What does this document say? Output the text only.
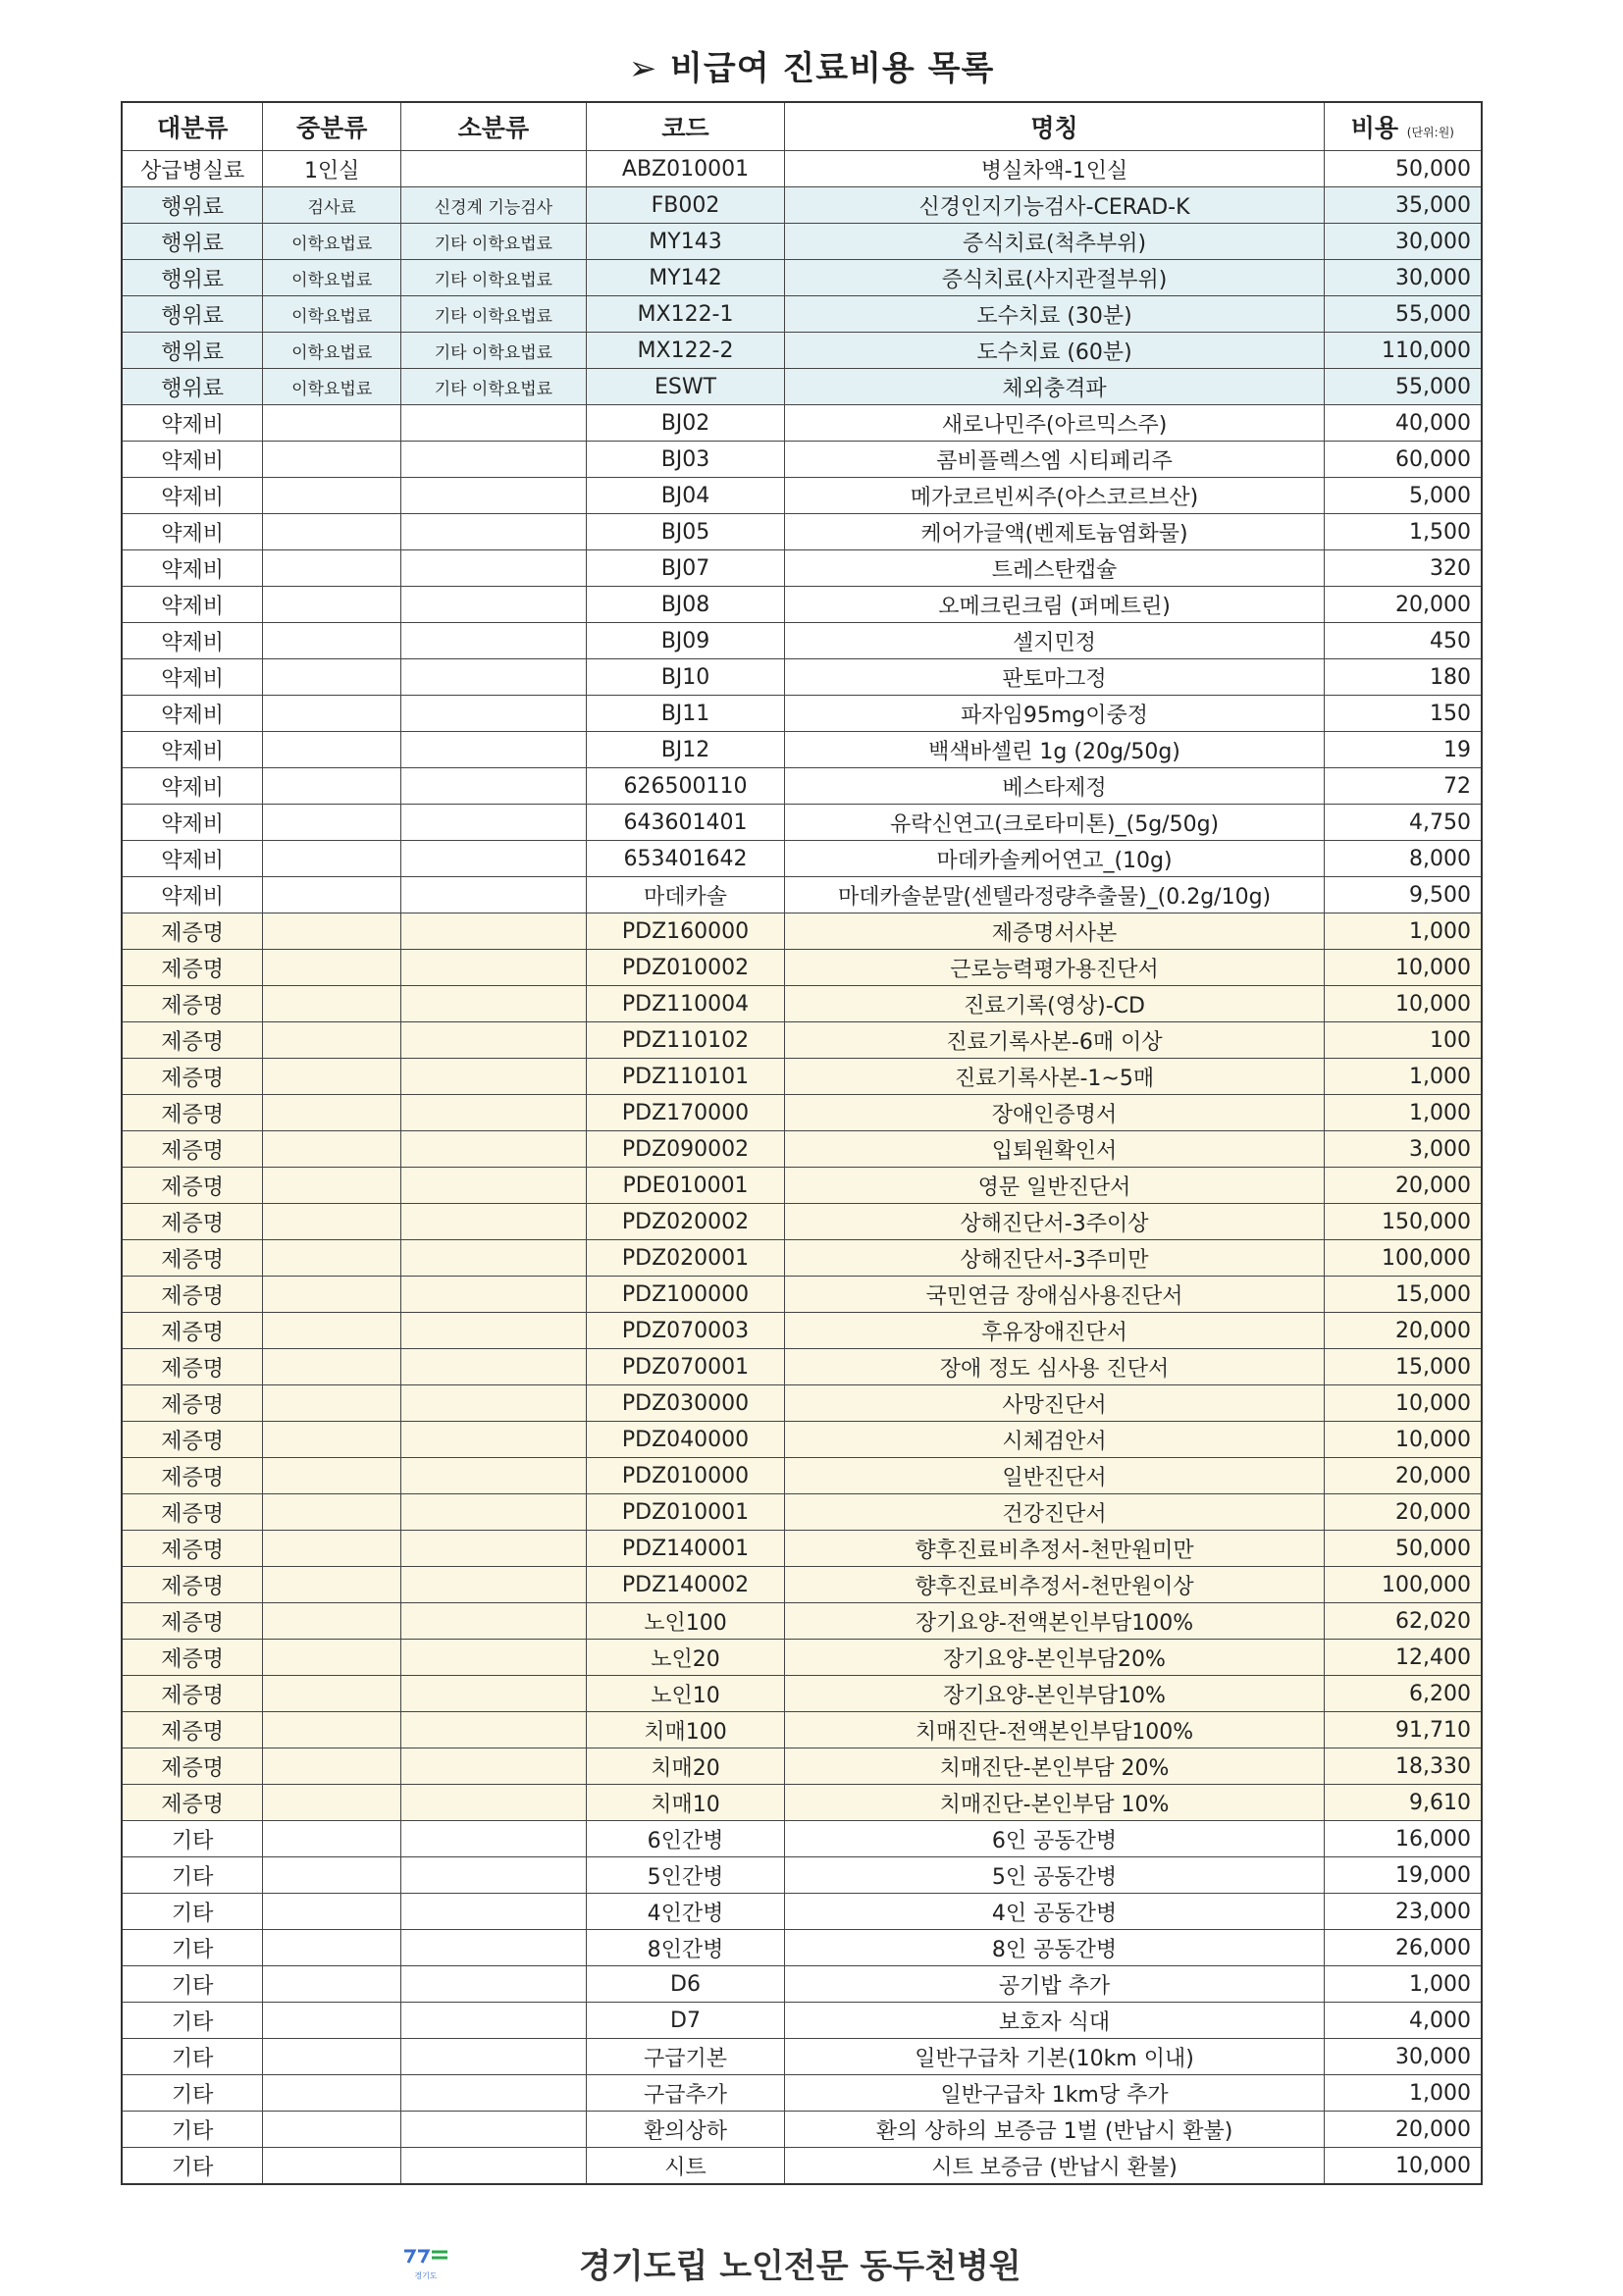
➢ 비급여 진료비용 목록
대분류	중분류	소분류	코드	명칭	비용 (단위:원)
상급병실료	1인실		ABZ010001	병실차액-1인실	50,000
행위료	검사료	신경계 기능검사	FB002	신경인지기능검사-CERAD-K	35,000
행위료	이학요법료	기타 이학요법료	MY143	증식치료(척추부위)	30,000
행위료	이학요법료	기타 이학요법료	MY142	증식치료(사지관절부위)	30,000
행위료	이학요법료	기타 이학요법료	MX122-1	도수치료 (30분)	55,000
행위료	이학요법료	기타 이학요법료	MX122-2	도수치료 (60분)	110,000
행위료	이학요법료	기타 이학요법료	ESWT	체외충격파	55,000
약제비			BJ02	새로나민주(아르믹스주)	40,000
약제비			BJ03	콤비플렉스엠 시티페리주	60,000
약제비			BJ04	메가코르빈씨주(아스코르브산)	5,000
약제비			BJ05	케어가글액(벤제토늄염화물)	1,500
약제비			BJ07	트레스탄캡슐	320
약제비			BJ08	오메크린크림 (퍼메트린)	20,000
약제비			BJ09	셀지민정	450
약제비			BJ10	판토마그정	180
약제비			BJ11	파자임95mg이중정	150
약제비			BJ12	백색바셀린 1g (20g/50g)	19
약제비			626500110	베스타제정	72
약제비			643601401	유락신연고(크로타미톤)_(5g/50g)	4,750
약제비			653401642	마데카솔케어연고_(10g)	8,000
약제비			마데카솔	마데카솔분말(센텔라정량추출물)_(0.2g/10g)	9,500
제증명			PDZ160000	제증명서사본	1,000
제증명			PDZ010002	근로능력평가용진단서	10,000
제증명			PDZ110004	진료기록(영상)-CD	10,000
제증명			PDZ110102	진료기록사본-6매 이상	100
제증명			PDZ110101	진료기록사본-1~5매	1,000
제증명			PDZ170000	장애인증명서	1,000
제증명			PDZ090002	입퇴원확인서	3,000
제증명			PDE010001	영문 일반진단서	20,000
제증명			PDZ020002	상해진단서-3주이상	150,000
제증명			PDZ020001	상해진단서-3주미만	100,000
제증명			PDZ100000	국민연금 장애심사용진단서	15,000
제증명			PDZ070003	후유장애진단서	20,000
제증명			PDZ070001	장애 정도 심사용 진단서	15,000
제증명			PDZ030000	사망진단서	10,000
제증명			PDZ040000	시체검안서	10,000
제증명			PDZ010000	일반진단서	20,000
제증명			PDZ010001	건강진단서	20,000
제증명			PDZ140001	향후진료비추정서-천만원미만	50,000
제증명			PDZ140002	향후진료비추정서-천만원이상	100,000
제증명			노인100	장기요양-전액본인부담100%	62,020
제증명			노인20	장기요양-본인부담20%	12,400
제증명			노인10	장기요양-본인부담10%	6,200
제증명			치매100	치매진단-전액본인부담100%	91,710
제증명			치매20	치매진단-본인부담 20%	18,330
제증명			치매10	치매진단-본인부담 10%	9,610
기타			6인간병	6인 공동간병	16,000
기타			5인간병	5인 공동간병	19,000
기타			4인간병	4인 공동간병	23,000
기타			8인간병	8인 공동간병	26,000
기타			D6	공기밥 추가	1,000
기타			D7	보호자 식대	4,000
기타			구급기본	일반구급차 기본(10km 이내)	30,000
기타			구급추가	일반구급차 1km당 추가	1,000
기타			환의상하	환의 상하의 보증금 1벌 (반납시 환불)	20,000
기타			시트	시트 보증금 (반납시 환불)	10,000
경기도	경기도립 노인전문 동두천병원
